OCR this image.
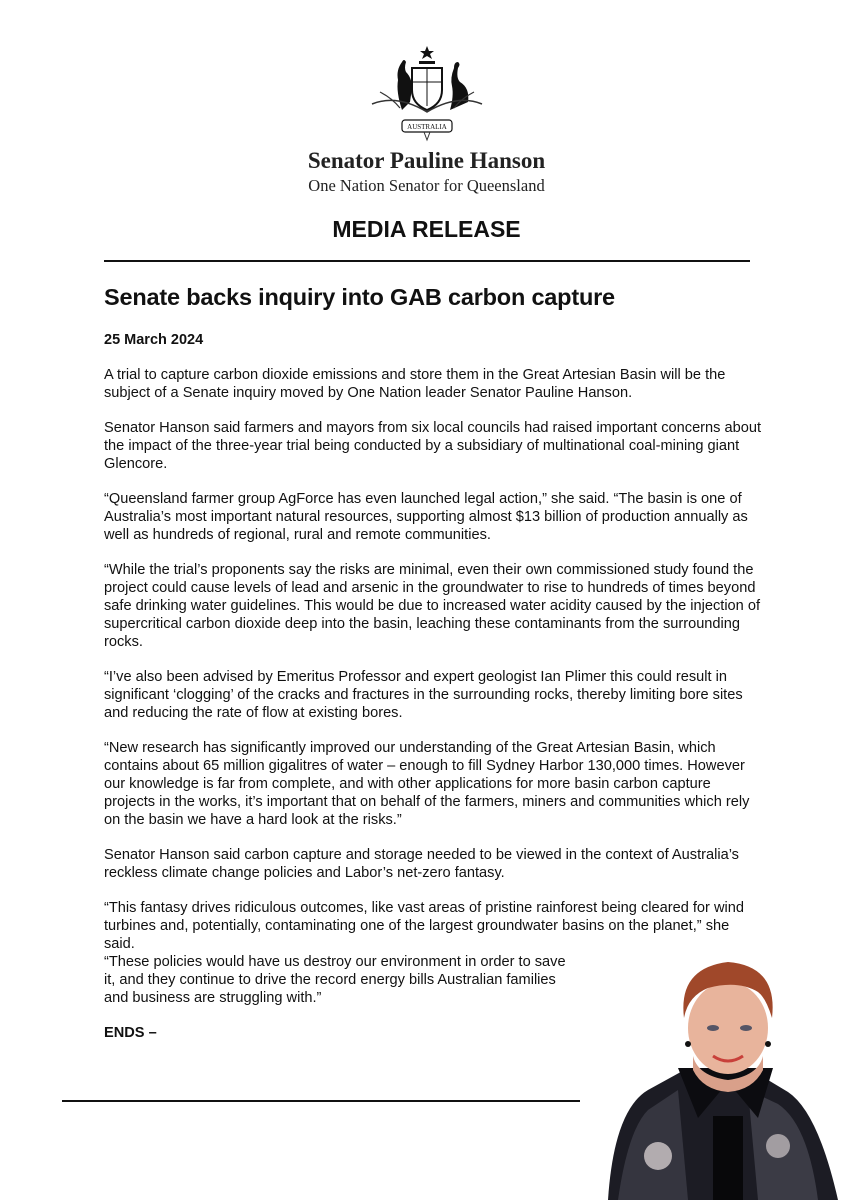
AUSTRALIA
Senator Pauline Hanson
One Nation Senator for Queensland
MEDIA RELEASE
Senate backs inquiry into GAB carbon capture
25 March 2024

A trial to capture carbon dioxide emissions and store them in the Great Artesian Basin will be the subject of a Senate inquiry moved by One Nation leader Senator Pauline Hanson.

Senator Hanson said farmers and mayors from six local councils had raised important concerns about the impact of the three-year trial being conducted by a subsidiary of multinational coal-mining giant Glencore.

“Queensland farmer group AgForce has even launched legal action,” she said. “The basin is one of Australia’s most important natural resources, supporting almost $13 billion of production annually as well as hundreds of regional, rural and remote communities.

“While the trial’s proponents say the risks are minimal, even their own commissioned study found the project could cause levels of lead and arsenic in the groundwater to rise to hundreds of times beyond safe drinking water guidelines. This would be due to increased water acidity caused by the injection of supercritical carbon dioxide deep into the basin, leaching these contaminants from the surrounding rocks.

“I’ve also been advised by Emeritus Professor and expert geologist Ian Plimer this could result in significant ‘clogging’ of the cracks and fractures in the surrounding rocks, thereby limiting bore sites and reducing the rate of flow at existing bores.

“New research has significantly improved our understanding of the Great Artesian Basin, which contains about 65 million gigalitres of water – enough to fill Sydney Harbor 130,000 times. However our knowledge is far from complete, and with other applications for more basin carbon capture projects in the works, it’s important that on behalf of the farmers, miners and communities which rely on the basin we have a hard look at the risks.”

Senator Hanson said carbon capture and storage needed to be viewed in the context of Australia’s reckless climate change policies and Labor’s net-zero fantasy.

“This fantasy drives ridiculous outcomes, like vast areas of pristine rainforest being cleared for wind turbines and, potentially, contaminating one of the largest groundwater basins on the planet,” she said.

“These policies would have us destroy our environment in order to save it, and they continue to drive the record energy bills Australian families and business are struggling with.”

ENDS –
